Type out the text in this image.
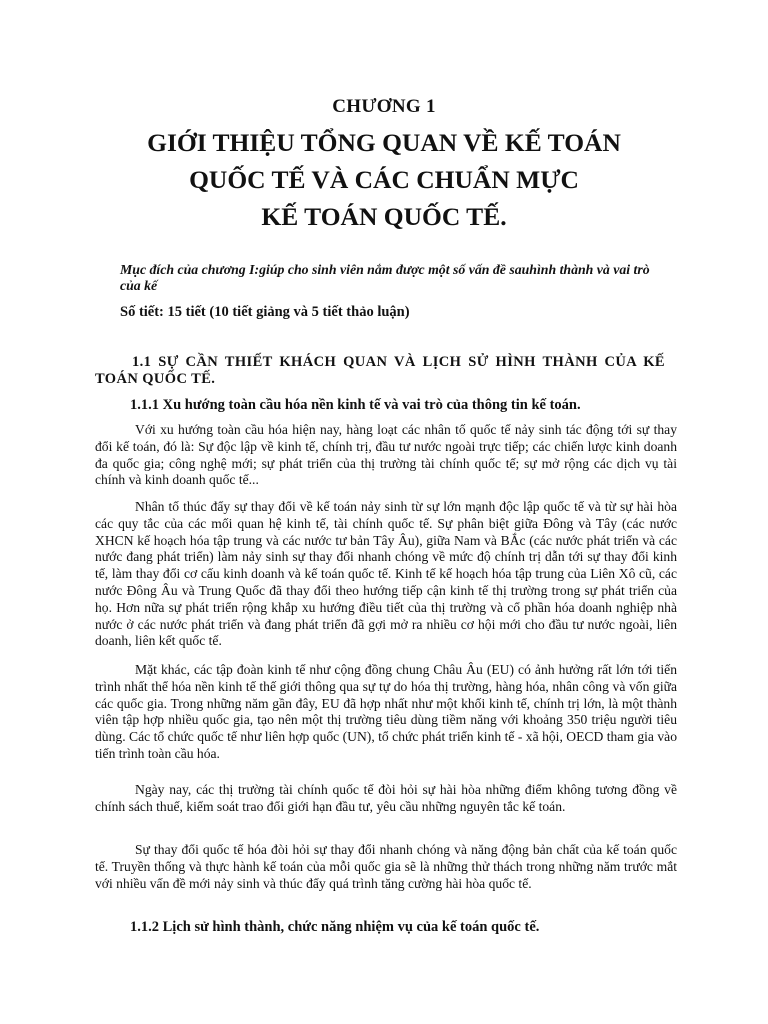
CHƯƠNG 1
GIỚI THIỆU TỔNG QUAN VỀ KẾ TOÁN
QUỐC TẾ VÀ CÁC CHUẨN MỰC
KẾ TOÁN QUỐC TẾ.
Mục đích của chương I:giúp cho sinh viên nắm được một số vấn đề sauhình thành và vai trò của kế
Số tiết: 15 tiết (10 tiết giảng và 5 tiết thảo luận)
1.1 SỰ CẦN THIẾT KHÁCH QUAN VÀ LỊCH SỬ HÌNH THÀNH CỦA KẾ TOÁN QUỐC TẾ.
1.1.1 Xu hướng toàn cầu hóa nền kinh tế và vai trò của thông tin kế toán.
Với xu hướng toàn cầu hóa hiện nay, hàng loạt các nhân tố quốc tế nảy sinh tác động tới sự thay đổi kế toán, đó là: Sự độc lập về kinh tế, chính trị, đầu tư nước ngoài trực tiếp; các chiến lược kinh doanh đa quốc gia; công nghệ mới; sự phát triển của thị trường tài chính quốc tế; sự mở rộng các dịch vụ tài chính và kinh doanh quốc tế...
Nhân tố thúc đẩy sự thay đổi về kế toán nảy sinh từ sự lớn mạnh độc lập quốc tế và từ sự hài hòa các quy tắc của các mối quan hệ kinh tế, tài chính quốc tế. Sự phân biệt giữa Đông và Tây (các nước XHCN kế hoạch hóa tập trung và các nước tư bản Tây Âu), giữa Nam và BẮc (các nước phát triển và các nước đang phát triển) làm nảy sinh sự thay đổi nhanh chóng về mức độ chính trị dẫn tới sự thay đổi kinh tế, làm thay đổi cơ cấu kinh doanh và kế toán quốc tế. Kinh tế kế hoạch hóa tập trung của Liên Xô cũ, các nước Đông Âu và Trung Quốc đã thay đổi theo hướng tiếp cận kinh tế thị trường trong sự phát triển của họ. Hơn nữa sự phát triển rộng khắp xu hướng điều tiết của thị trường và cổ phần hóa doanh nghiệp nhà nước ở các nước phát triển và đang phát triển đã gợi mở ra nhiều cơ hội mới cho đầu tư nước ngoài, liên doanh, liên kết quốc tế.
Mặt khác, các tập đoàn kinh tế như cộng đồng chung Châu Âu (EU) có ảnh hưởng rất lớn tới tiến trình nhất thể hóa nền kinh tế thế giới thông qua sự tự do hóa thị trường, hàng hóa, nhân công và vốn giữa các quốc gia. Trong những năm gần đây, EU đã hợp nhất như một khối kinh tế, chính trị lớn, là một thành viên tập hợp nhiều quốc gia, tạo nên một thị trường tiêu dùng tiềm năng với khoảng 350 triệu người tiêu dùng. Các tổ chức quốc tế như liên hợp quốc (UN), tổ chức phát triển kinh tế - xã hội, OECD tham gia vào tiến trình toàn cầu hóa.
Ngày nay, các thị trường tài chính quốc tế đòi hỏi sự hài hòa những điểm không tương đồng về chính sách thuế, kiểm soát trao đổi giới hạn đầu tư, yêu cầu những nguyên tắc kế toán.
Sự thay đổi quốc tế hóa đòi hỏi sự thay đổi nhanh chóng và năng động bản chất của kế toán quốc tế. Truyền thống và thực hành kế toán của mỗi quốc gia sẽ là những thử thách trong những năm trước mắt với nhiều vấn đề mới nảy sinh và thúc đẩy quá trình tăng cường hài hòa quốc tế.
1.1.2 Lịch sử hình thành, chức năng nhiệm vụ của kế toán quốc tế.
